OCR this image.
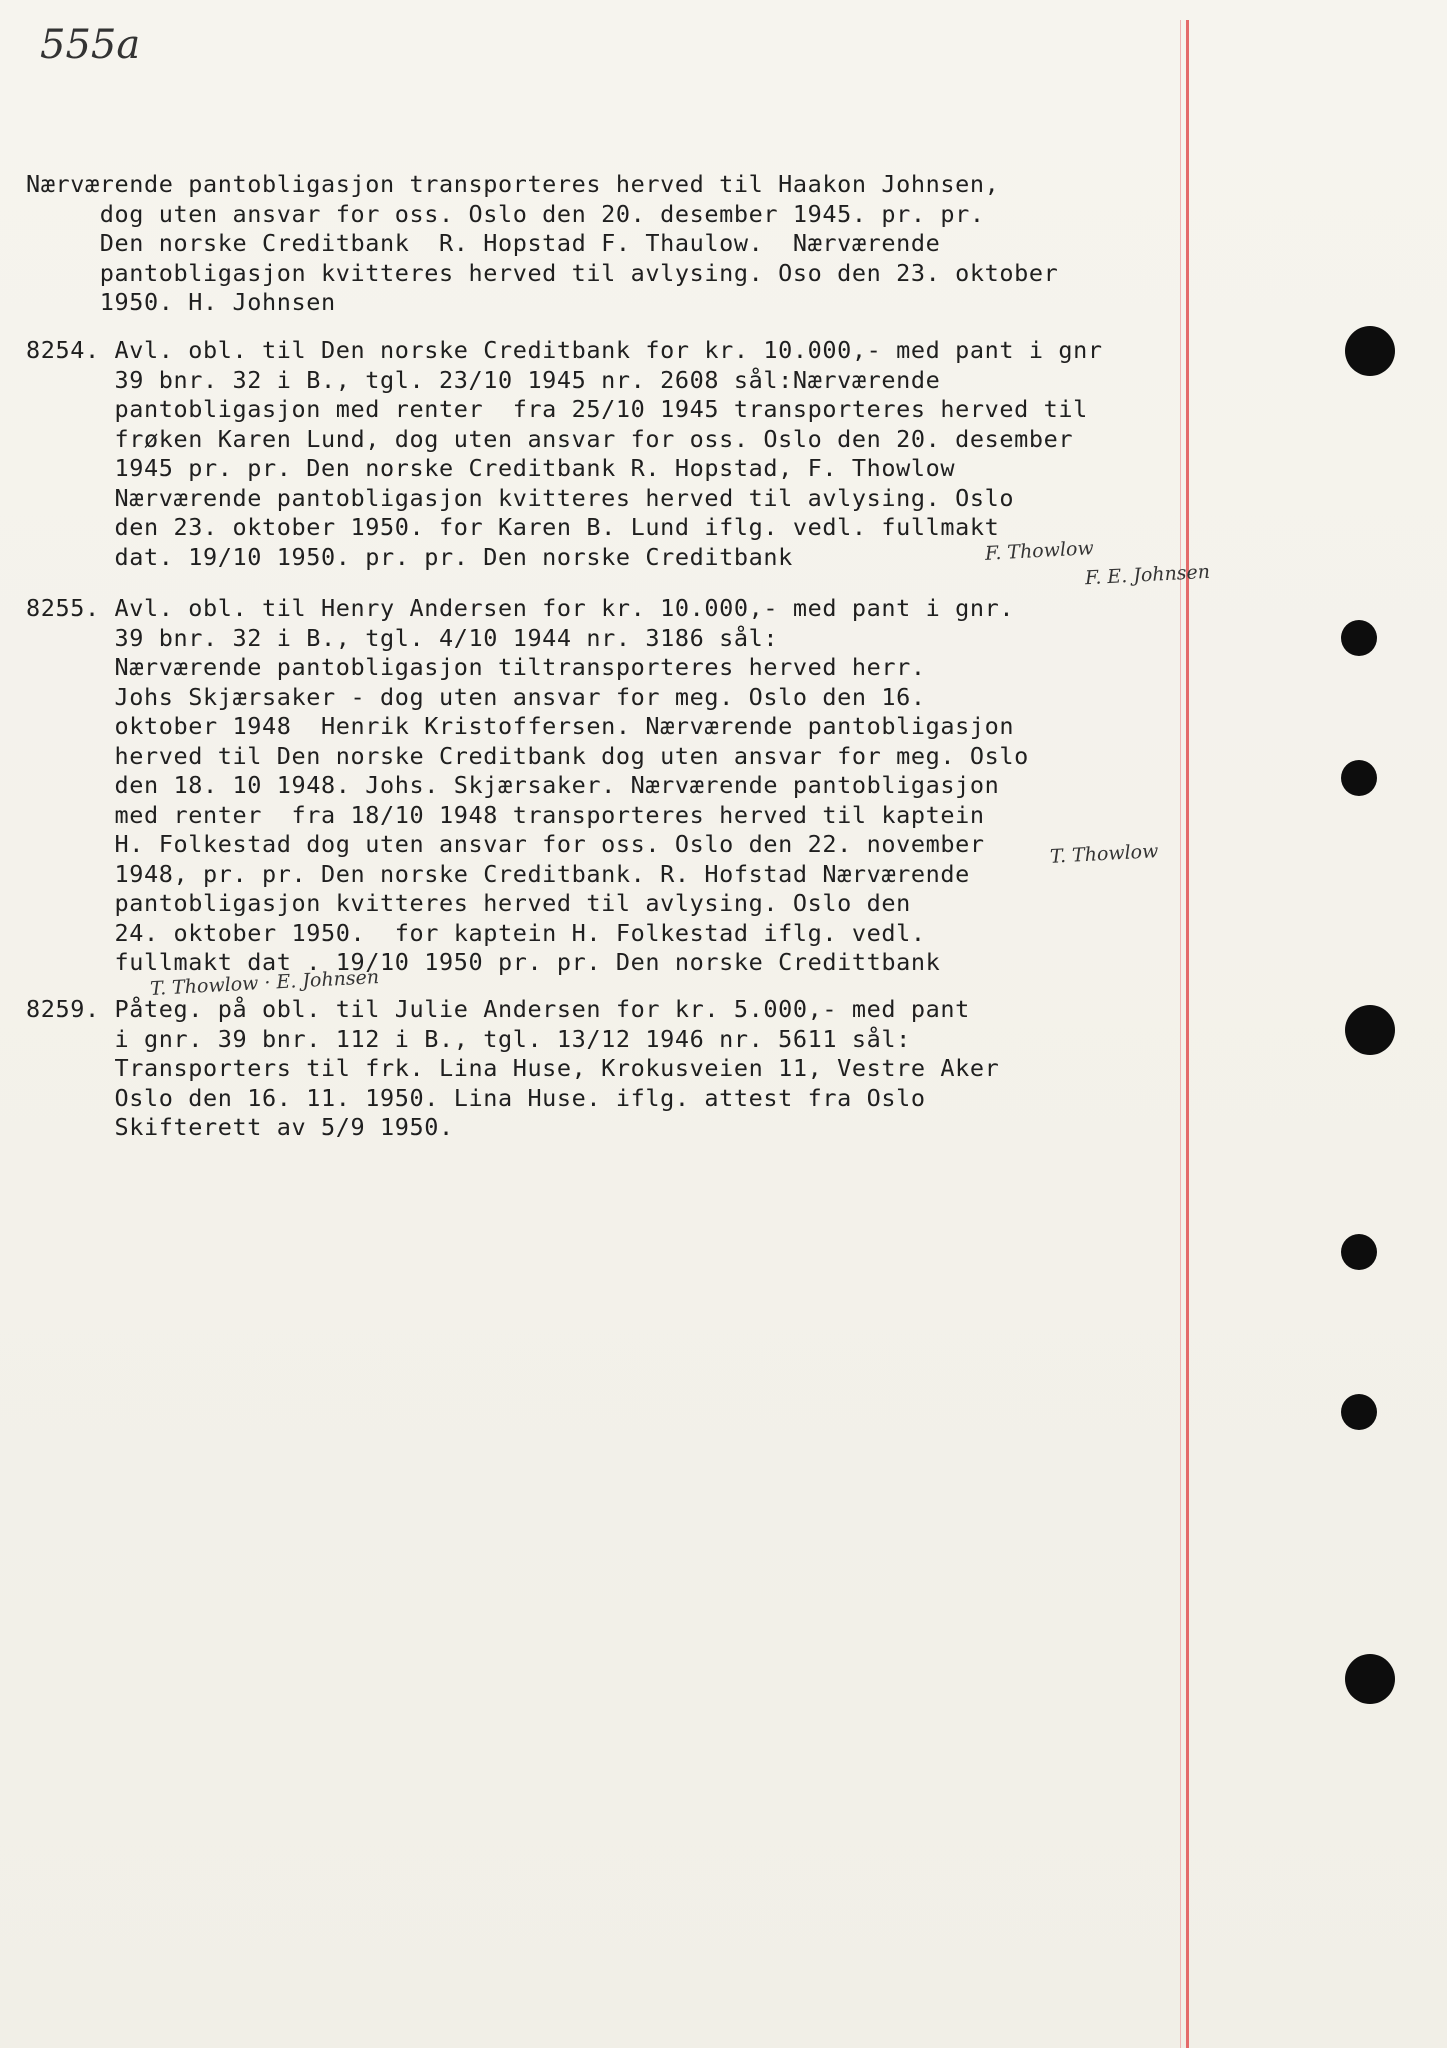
555a

Nærværende pantobligasjon transporteres herved til Haakon Johnsen,
dog uten ansvar for oss. Oslo den 20. desember 1945. pr. pr.
Den norske Creditbank  R. Hopstad F. Thaulow.  Nærværende
pantobligasjon kvitteres herved til avlysing. Oso den 23. oktober
1950. H. Johnsen
8254. Avl. obl. til Den norske Creditbank for kr. 10.000,- med pant i gnr
39 bnr. 32 i B., tgl. 23/10 1945 nr. 2608 sål:Nærværende
pantobligasjon med renter  fra 25/10 1945 transporteres herved til
frøken Karen Lund, dog uten ansvar for oss. Oslo den 20. desember
1945 pr. pr. Den norske Creditbank R. Hopstad, F. Thowlow
Nærværende pantobligasjon kvitteres herved til avlysing. Oslo
den 23. oktober 1950. for Karen B. Lund iflg. vedl. fullmakt
dat. 19/10 1950. pr. pr. Den norske Creditbank
8255. Avl. obl. til Henry Andersen for kr. 10.000,- med pant i gnr.
39 bnr. 32 i B., tgl. 4/10 1944 nr. 3186 sål:
Nærværende pantobligasjon tiltransporteres herved herr.
Johs Skjærsaker - dog uten ansvar for meg. Oslo den 16.
oktober 1948  Henrik Kristoffersen. Nærværende pantobligasjon
herved til Den norske Creditbank dog uten ansvar for meg. Oslo
den 18. 10 1948. Johs. Skjærsaker. Nærværende pantobligasjon
med renter  fra 18/10 1948 transporteres herved til kaptein
H. Folkestad dog uten ansvar for oss. Oslo den 22. november
1948, pr. pr. Den norske Creditbank. R. Hofstad Nærværende
pantobligasjon kvitteres herved til avlysing. Oslo den
24. oktober 1950.  for kaptein H. Folkestad iflg. vedl.
fullmakt dat . 19/10 1950 pr. pr. Den norske Credittbank
8259. Påteg. på obl. til Julie Andersen for kr. 5.000,- med pant
i gnr. 39 bnr. 112 i B., tgl. 13/12 1946 nr. 5611 sål:
Transporters til frk. Lina Huse, Krokusveien 11, Vestre Aker
Oslo den 16. 11. 1950. Lina Huse. iflg. attest fra Oslo
Skifterett av 5/9 1950.
F. Thowlow
F. E. Johnsen
T. Thowlow
T. Thowlow · E. Johnsen
